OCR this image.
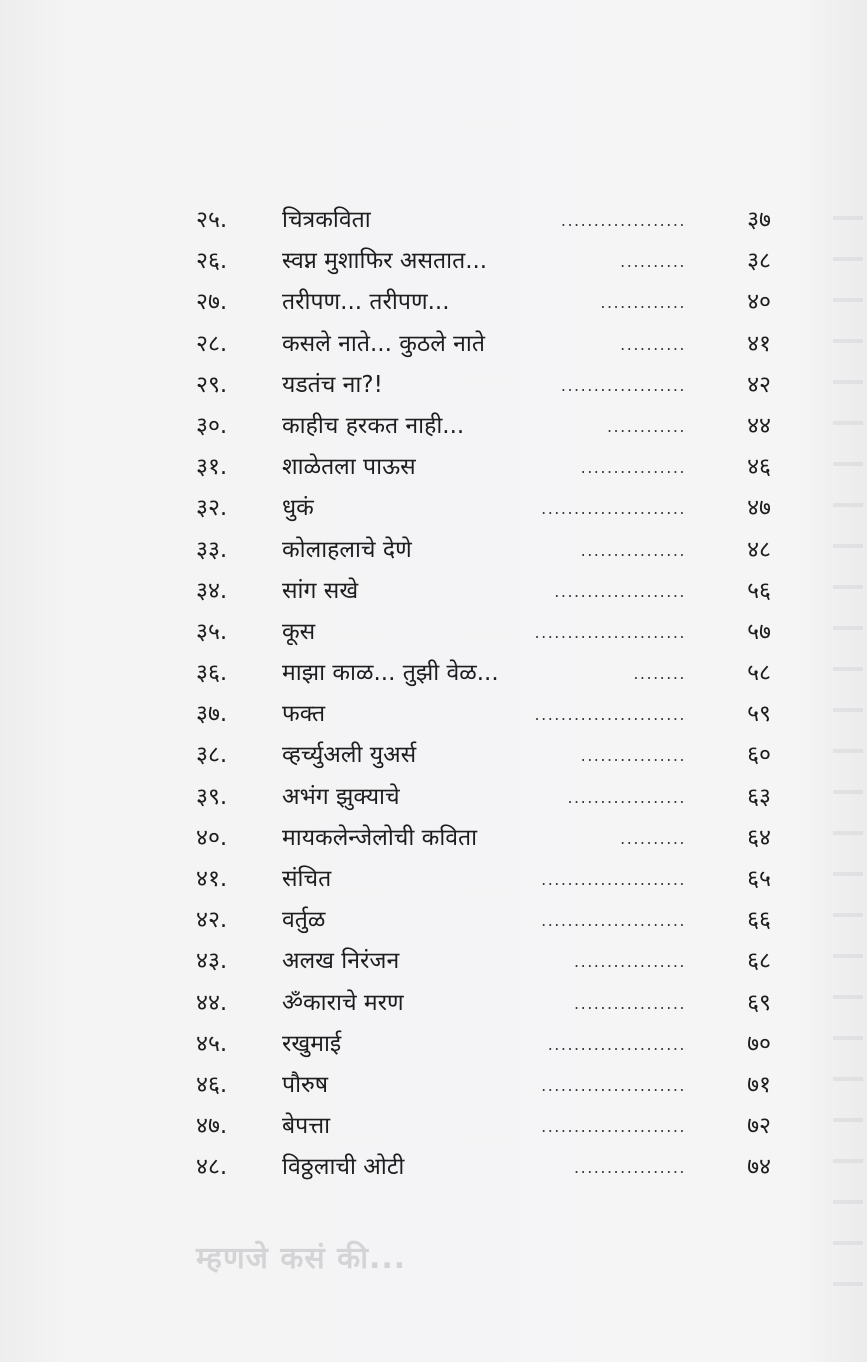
२५.	चित्रकविता	...................	३७
२६.	स्वप्न मुशाफिर असतात...	..........	३८
२७.	तरीपण... तरीपण...	.............	४०
२८.	कसले नाते... कुठले नाते	..........	४१
२९.	यडतंच ना?!	...................	४२
३०.	काहीच हरकत नाही...	............	४४
३१.	शाळेतला पाऊस	................	४६
३२.	धुकं	......................	४७
३३.	कोलाहलाचे देणे	................	४८
३४.	सांग सखे	....................	५६
३५.	कूस	.......................	५७
३६.	माझा काळ... तुझी वेळ...	........	५८
३७.	फक्त	.......................	५९
३८.	व्हर्च्युअली युअर्स	................	६०
३९.	अभंग झुक्याचे	..................	६३
४०.	मायकलेन्जेलोची कविता	..........	६४
४१.	संचित	......................	६५
४२.	वर्तुळ	......................	६६
४३.	अलख निरंजन	.................	६८
४४.	ॐकाराचे मरण	.................	६९
४५.	रखुमाई	.....................	७०
४६.	पौरुष	......................	७१
४७.	बेपत्ता	......................	७२
४८.	विठ्ठलाची ओटी	.................	७४
म्हणजे कसं की...
